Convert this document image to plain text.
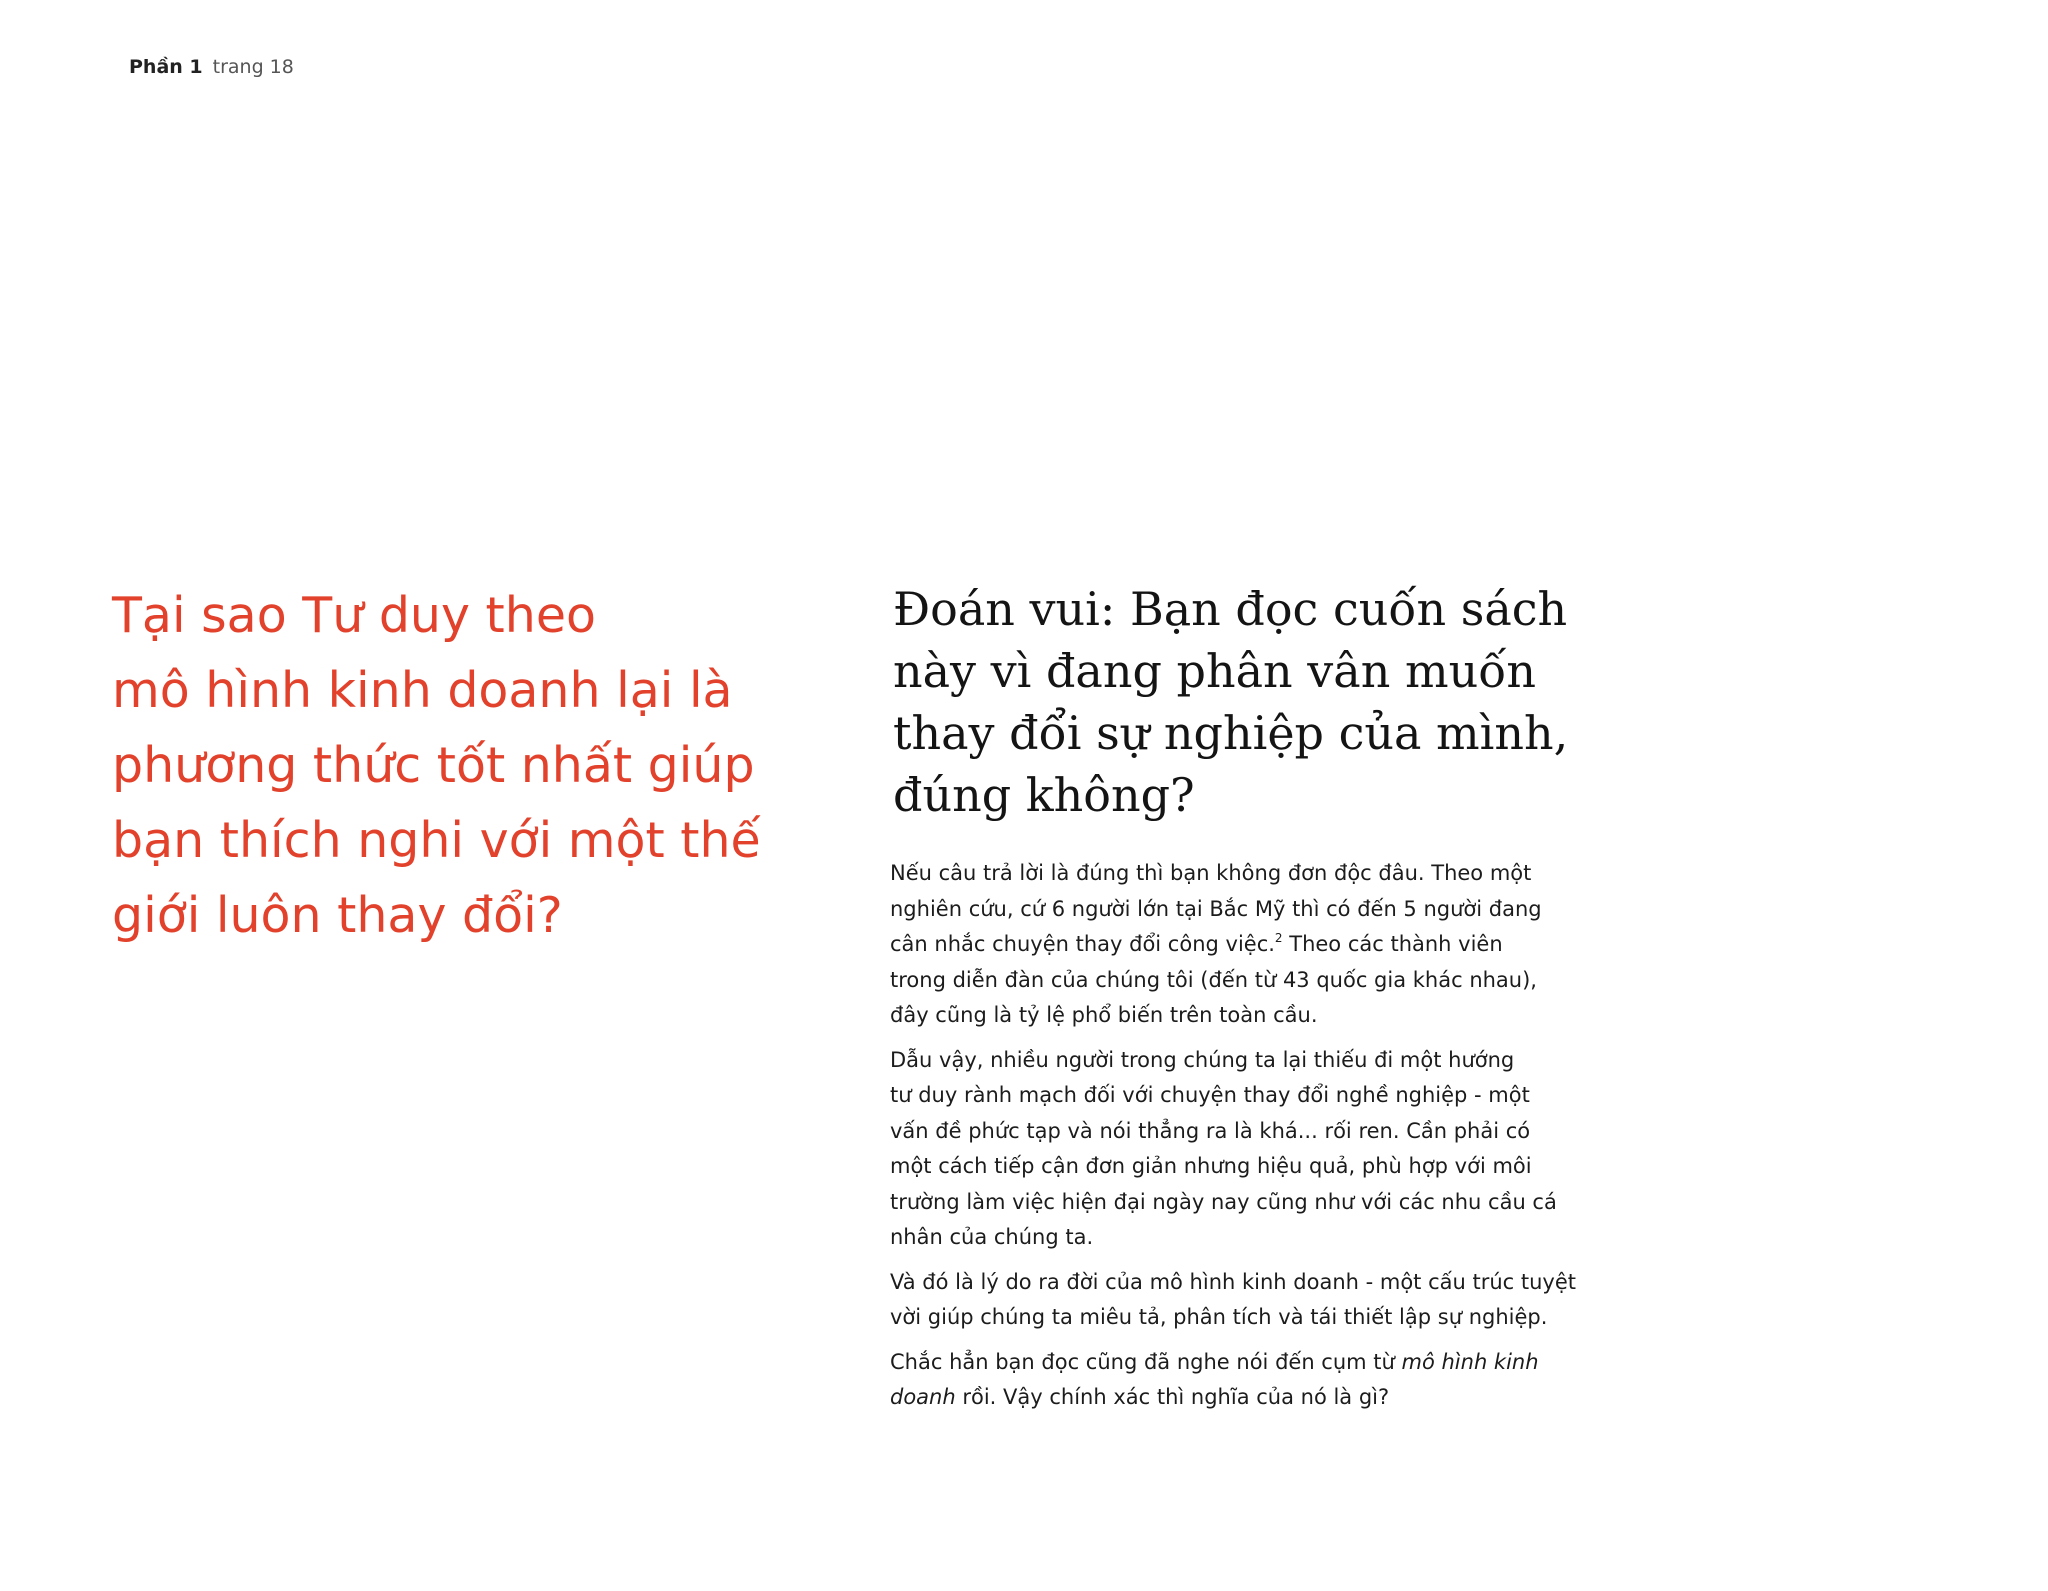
Phần 1 trang 18
Tại sao Tư duy theo
mô hình kinh doanh lại là
phương thức tốt nhất giúp
bạn thích nghi với một thế
giới luôn thay đổi?
Đoán vui: Bạn đọc cuốn sách
này vì đang phân vân muốn
thay đổi sự nghiệp của mình,
đúng không?

Nếu câu trả lời là đúng thì bạn không đơn độc đâu. Theo một
nghiên cứu, cứ 6 người lớn tại Bắc Mỹ thì có đến 5 người đang
cân nhắc chuyện thay đổi công việc.$^2$ Theo các thành viên
trong diễn đàn của chúng tôi (đến từ 43 quốc gia khác nhau),
đây cũng là tỷ lệ phổ biến trên toàn cầu.

Dẫu vậy, nhiều người trong chúng ta lại thiếu đi một hướng
tư duy rành mạch đối với chuyện thay đổi nghề nghiệp - một
vấn đề phức tạp và nói thẳng ra là khá... rối ren. Cần phải có
một cách tiếp cận đơn giản nhưng hiệu quả, phù hợp với môi
trường làm việc hiện đại ngày nay cũng như với các nhu cầu cá
nhân của chúng ta.

Và đó là lý do ra đời của mô hình kinh doanh - một cấu trúc tuyệt
vời giúp chúng ta miêu tả, phân tích và tái thiết lập sự nghiệp.

Chắc hẳn bạn đọc cũng đã nghe nói đến cụm từ mô hình kinh
doanh rồi. Vậy chính xác thì nghĩa của nó là gì?
